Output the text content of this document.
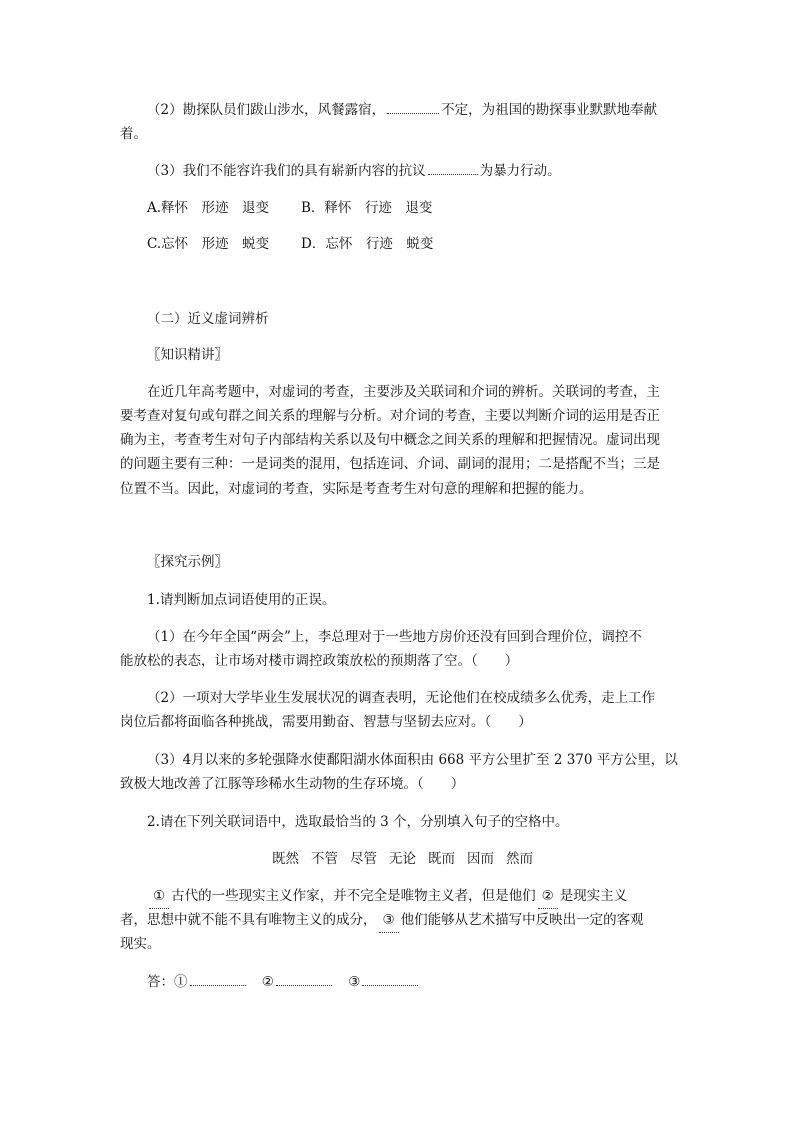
（2）勘探队员们跋山涉水，风餐露宿，	不定，为祖国的勘探事业默默地奉献
着。
（3）我们不能容许我们的具有崭新内容的抗议	为暴力行动。
A.释怀　形迹　退变 B．释怀　行迹　退变
C.忘怀　形迹　蜕变 D．忘怀　行迹　蜕变
（二）近义虚词辨析
〖知识精讲〗
在近几年高考题中，对虚词的考查，主要涉及关联词和介词的辨析。关联词的考查，主
要考查对复句或句群之间关系的理解与分析。对介词的考查，主要以判断介词的运用是否正
确为主，考查考生对句子内部结构关系以及句中概念之间关系的理解和把握情况。虚词出现
的问题主要有三种：一是词类的混用，包括连词、介词、副词的混用；二是搭配不当；三是
位置不当。因此，对虚词的考查，实际是考查考生对句意的理解和把握的能力。
〖探究示例〗
1.请判断加点词语使用的正误。
（1）在今年全国“两会”上，李总理对于一些地方房价还没有回到合理价位，调控不
能放松的表态，让市场对楼市调控政策放松的预期落了空。（　　）
（2）一项对大学毕业生发展状况的调查表明，无论他们在校成绩多么优秀，走上工作
岗位后都将面临各种挑战，需要用勤奋、智慧与坚韧去应对。（　　）
（3）4月以来的多轮强降水使鄱阳湖水体面积由 668 平方公里扩至 2 370 平方公里，以
致极大地改善了江豚等珍稀水生动物的生存环境。（　　）
2.请在下列关联词语中，选取最恰当的 3 个，分别填入句子的空格中。
既然 不管 尽管 无论 既而 因而 然而
① 古代的一些现实主义作家，并不完全是唯物主义者，但是他们 ② 是现实主义
者，思想中就不能不具有唯物主义的成分， ③ 他们能够从艺术描写中反映出一定的客观
现实。
答：①	②	③
